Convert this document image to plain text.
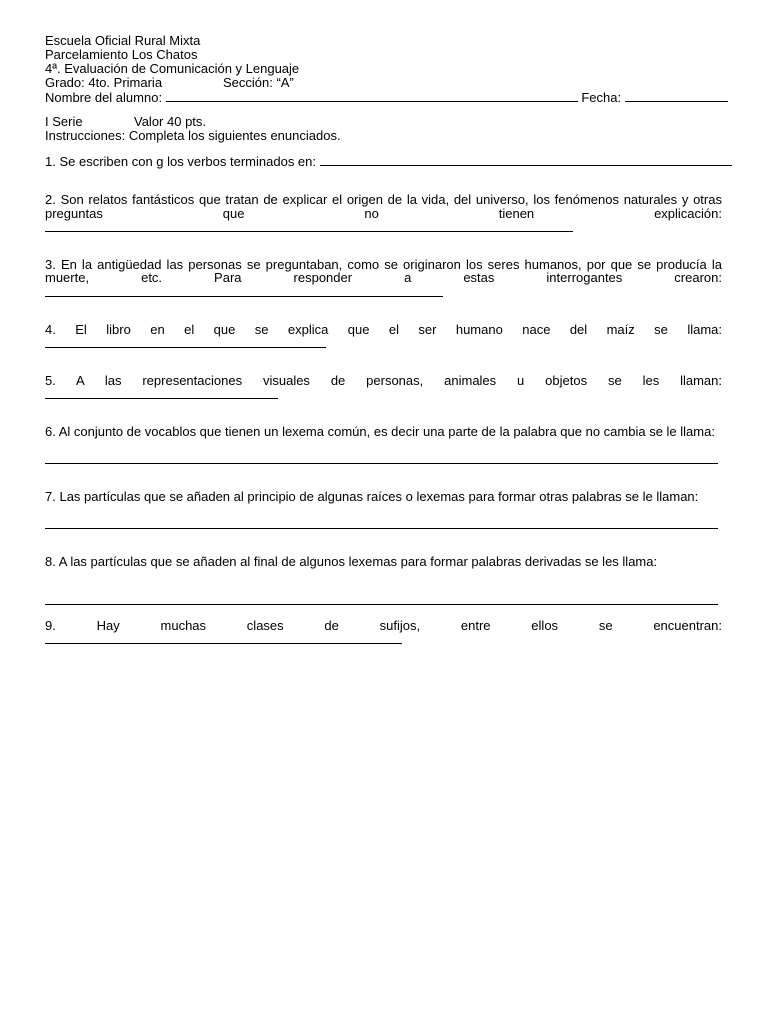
Escuela Oficial Rural Mixta
Parcelamiento Los Chatos
4ª. Evaluación de Comunicación y Lenguaje
Grado: 4to. Primaria	Sección: “A”
Nombre del alumno:	Fecha:
I Serie	Valor 40 pts.
Instrucciones: Completa los siguientes enunciados.
1. Se escriben con g los verbos terminados en:
2. Son relatos fantásticos que tratan de explicar el origen de la vida, del universo, los fenómenos naturales y otras preguntas que no tienen explicación:
3. En la antigüedad las personas se preguntaban, como se originaron los seres humanos, por que se producía la muerte, etc. Para responder a estas interrogantes crearon:
4. El libro en el que se explica que el ser humano nace del maíz se llama:
5. A las representaciones visuales de personas, animales u objetos se les llaman:
6. Al conjunto de vocablos que tienen un lexema común, es decir una parte de la palabra que no cambia se le llama:
7. Las partículas que se añaden al principio de algunas raíces o lexemas para formar otras palabras se le llaman:
8. A las partículas que se añaden al final de algunos lexemas para formar palabras derivadas se les llama:
9.	Hay muchas clases de sufijos, entre ellos se encuentran:
